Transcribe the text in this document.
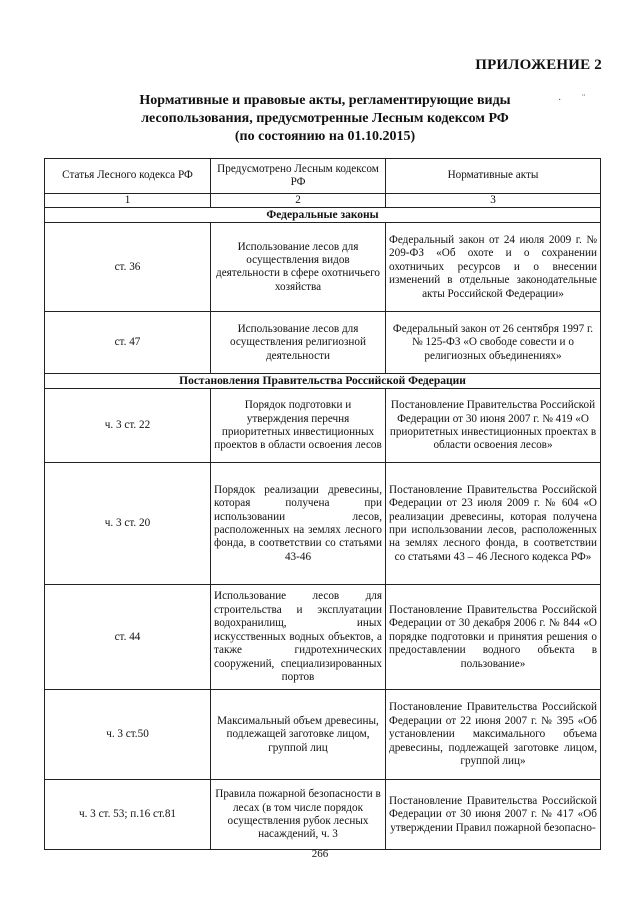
ПРИЛОЖЕНИЕ 2
Нормативные и правовые акты, регламентирующие виды
лесопользования, предусмотренные Лесным кодексом РФ
(по состоянию на 01.10.2015)
· ¨
Статья Лесного кодекса РФ	Предусмотрено Лесным кодексом РФ	Нормативные акты
1	2	3
Федеральные законы		
ст. 36	Использование лесов для осуществления видов деятельности в сфере охотничьего хозяйства	Федеральный закон от 24 июля 2009 г. № 209-ФЗ «Об охоте и о сохранении охотничьих ресурсов и о внесении изменений в отдельные законодательные акты Российской Федерации»
ст. 47	Использование лесов для осуществления религиозной деятельности	Федеральный закон от 26 сентября 1997 г. № 125-ФЗ «О свободе совести и о религиозных объединениях»
Постановления Правительства Российской Федерации		
ч. 3 ст. 22	Порядок подготовки и утверждения перечня приоритетных инвестиционных проектов в области освоения лесов	Постановление Правительства Российской Федерации от 30 июня 2007 г. № 419 «О приоритетных инвестиционных проектах в области освоения лесов»
ч. 3 ст. 20	Порядок реализации древесины, которая получена при использовании лесов, расположенных на землях лесного фонда, в соответствии со статьями 43-46	Постановление Правительства Российской Федерации от 23 июля 2009 г. № 604 «О реализации древесины, которая получена при использовании лесов, расположенных на землях лесного фонда, в соответствии со статьями 43 – 46 Лесного кодекса РФ»
ст. 44	Использование лесов для строительства и эксплуатации водохранилищ, иных искусственных водных объектов, а также гидротехнических сооружений, специализированных портов	Постановление Правительства Российской Федерации от 30 декабря 2006 г. № 844 «О порядке подготовки и принятия решения о предоставлении водного объекта в пользование»
ч. 3 ст.50	Максимальный объем древесины, подлежащей заготовке лицом, группой лиц	Постановление Правительства Российской Федерации от 22 июня 2007 г. № 395 «Об установлении максимального объема древесины, подлежащей заготовке лицом, группой лиц»
ч. 3 ст. 53; п.16 ст.81	Правила пожарной безопасности в лесах (в том числе порядок осуществления рубок лесных насаждений, ч. 3	Постановление Правительства Российской Федерации от 30 июня 2007 г. № 417 «Об утверждении Правил пожарной безопасно-
266
